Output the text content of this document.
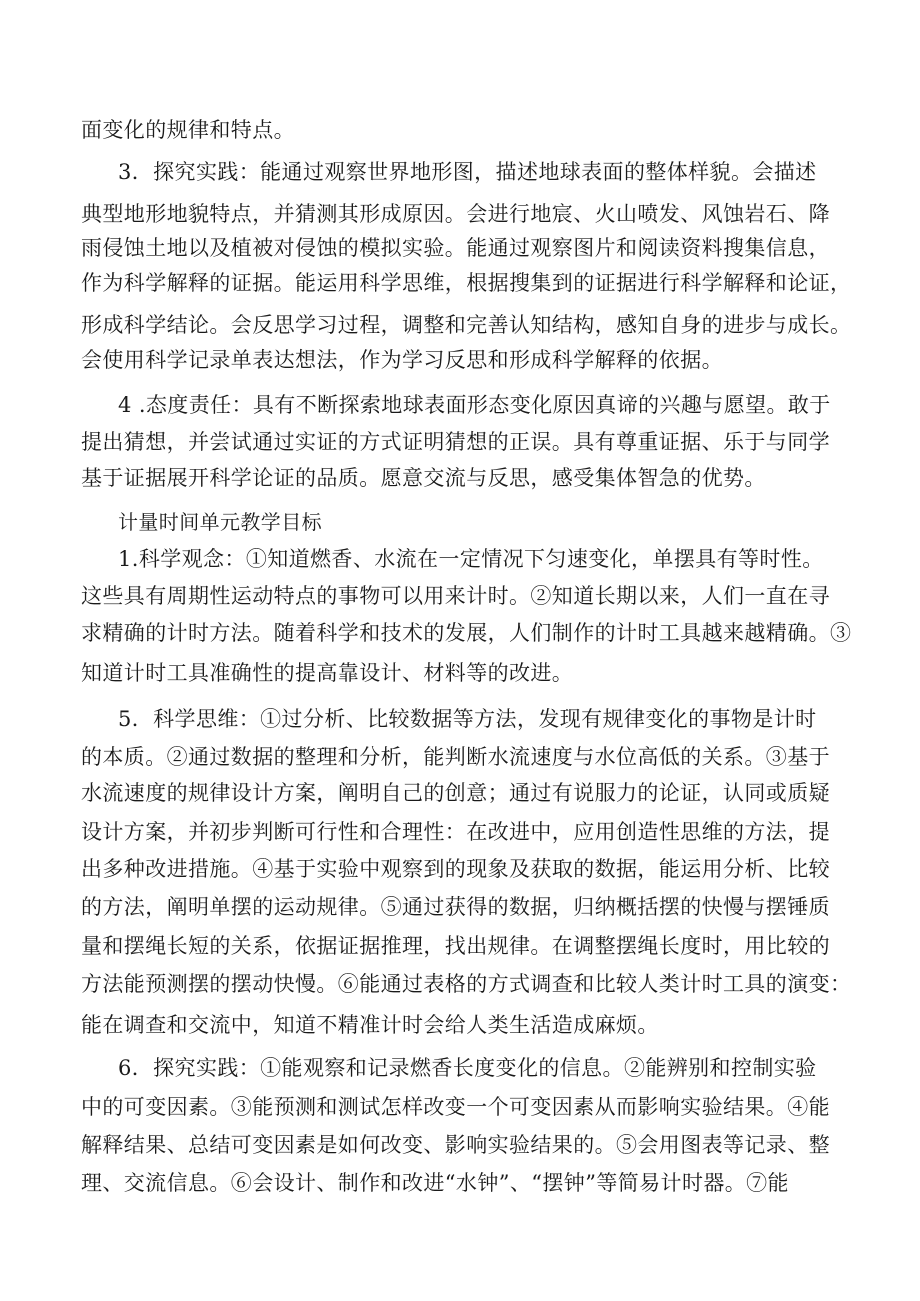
面变化的规律和特点。
3．探究实践：能通过观察世界地形图，描述地球表面的整体样貌。会描述
典型地形地貌特点，并猜测其形成原因。会进行地宸、火山喷发、风蚀岩石、降
雨侵蚀土地以及植被对侵蚀的模拟实验。能通过观察图片和阅读资料搜集信息，
作为科学解释的证据。能运用科学思维，根据搜集到的证据进行科学解释和论证，
形成科学结论。会反思学习过程，调整和完善认知结构，感知自身的进步与成长。
会使用科学记录单表达想法，作为学习反思和形成科学解释的依据。
4 .态度责任：具有不断探索地球表面形态变化原因真谛的兴趣与愿望。敢于
提出猜想，并尝试通过实证的方式证明猜想的正误。具有尊重证据、乐于与同学
基于证据展开科学论证的品质。愿意交流与反思，感受集体智急的优势。
计量时间单元教学目标
1.科学观念：①知道燃香、水流在一定情况下匀速变化，单摆具有等时性。
这些具有周期性运动特点的事物可以用来计时。②知道长期以来，人们一直在寻
求精确的计时方法。随着科学和技术的发展，人们制作的计时工具越来越精确。③
知道计时工具准确性的提高靠设计、材料等的改进。
5．科学思维：①过分析、比较数据等方法，发现有规律变化的事物是计时
的本质。②通过数据的整理和分析，能判断水流速度与水位高低的关系。③基于
水流速度的规律设计方案，阐明自己的创意；通过有说服力的论证，认同或质疑
设计方案，并初步判断可行性和合理性：在改进中，应用创造性思维的方法，提
出多种改进措施。④基于实验中观察到的现象及获取的数据，能运用分析、比较
的方法，阐明单摆的运动规律。⑤通过获得的数据，归纳概括摆的快慢与摆锤质
量和摆绳长短的关系，依据证据推理，找出规律。在调整摆绳长度时，用比较的
方法能预测摆的摆动快慢。⑥能通过表格的方式调查和比较人类计时工具的演变：
能在调查和交流中，知道不精准计时会给人类生活造成麻烦。
6．探究实践：①能观察和记录燃香长度变化的信息。②能辨别和控制实验
中的可变因素。③能预测和测试怎样改变一个可变因素从而影响实验结果。④能
解释结果、总结可变因素是如何改变、影响实验结果的。⑤会用图表等记录、整
理、交流信息。⑥会设计、制作和改进“水钟”、“摆钟”等简易计时器。⑦能
